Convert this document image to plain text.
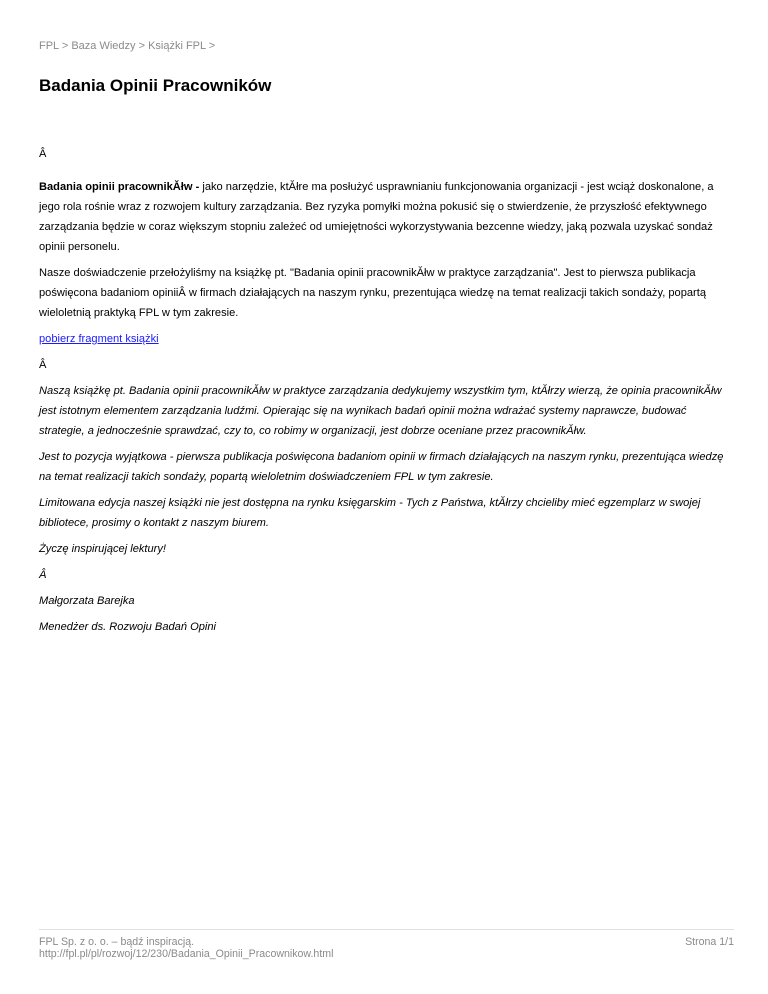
FPL > Baza Wiedzy > Książki FPL >
Badania Opinii Pracowników

Â

Badania opinii pracownikĂłw - jako narzędzie, ktĂłre ma posłużyć usprawnianiu funkcjonowania organizacji - jest wciąż doskonalone, a jego rola rośnie wraz z rozwojem kultury zarządzania. Bez ryzyka pomyłki można pokusić się o stwierdzenie, że przyszłość efektywnego zarządzania będzie w coraz większym stopniu zależeć od umiejętności wykorzystywania bezcenne wiedzy, jaką pozwala uzyskać sondaż opinii personelu.

Nasze doświadczenie przełożyliśmy na książkę pt. "Badania opinii pracownikĂłw w praktyce zarządzania". Jest to pierwsza publikacja poświęcona badaniom opiniiÂ w firmach działających na naszym rynku, prezentująca wiedzę na temat realizacji takich sondaży, popartą wieloletnią praktyką FPL w tym zakresie.

pobierz fragment książki

Â

Naszą książkę pt. Badania opinii pracownikĂłw w praktyce zarządzania dedykujemy wszystkim tym, ktĂłrzy wierzą, że opinia pracownikĂłw jest istotnym elementem zarządzania ludźmi. Opierając się na wynikach badań opinii można wdrażać systemy naprawcze, budować strategie, a jednocześnie sprawdzać, czy to, co robimy w organizacji, jest dobrze oceniane przez pracownikĂłw.

Jest to pozycja wyjątkowa - pierwsza publikacja poświęcona badaniom opinii w firmach działających na naszym rynku, prezentująca wiedzę na temat realizacji takich sondaży, popartą wieloletnim doświadczeniem FPL w tym zakresie.

Limitowana edycja naszej książki nie jest dostępna na rynku księgarskim - Tych z Państwa, ktĂłrzy chcieliby mieć egzemplarz w swojej bibliotece, prosimy o kontakt z naszym biurem.

Życzę inspirującej lektury!

Â

Małgorzata Barejka

Menedżer ds. Rozwoju Badań Opini

FPL Sp. z o. o. – bądź inspiracją.
http://fpl.pl/pl/rozwoj/12/230/Badania_Opinii_Pracownikow.html
Strona 1/1
